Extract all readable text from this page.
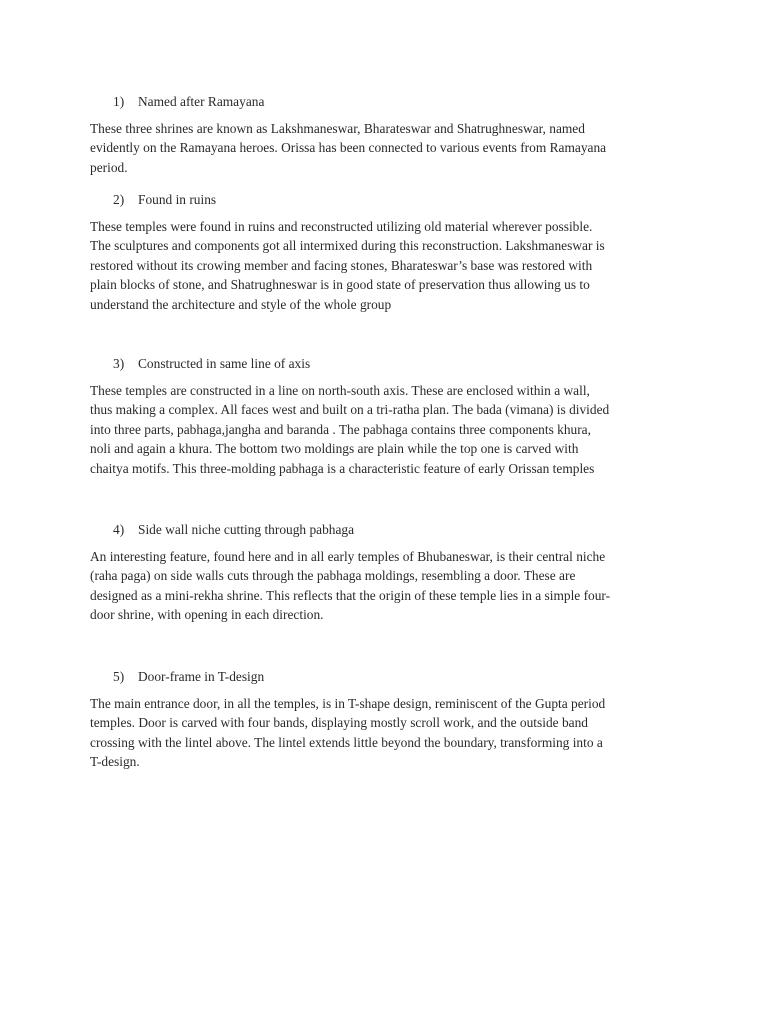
1)	Named after Ramayana

These three shrines are known as Lakshmaneswar, Bharateswar and Shatrughneswar, named
evidently on the Ramayana heroes. Orissa has been connected to various events from Ramayana
period.

2)	Found in ruins

These temples were found in ruins and reconstructed utilizing old material wherever possible.
The sculptures and components got all intermixed during this reconstruction. Lakshmaneswar is
restored without its crowing member and facing stones, Bharateswar’s base was restored with
plain blocks of stone, and Shatrughneswar is in good state of preservation thus allowing us to
understand the architecture and style of the whole group

3)	Constructed in same line of axis

These temples are constructed in a line on north-south axis. These are enclosed within a wall,
thus making a complex. All faces west and built on a tri-ratha plan. The bada (vimana) is divided
into three parts, pabhaga,jangha and baranda . The pabhaga contains three components khura,
noli and again a khura. The bottom two moldings are plain while the top one is carved with
chaitya motifs. This three-molding pabhaga is a characteristic feature of early Orissan temples

4)	Side wall niche cutting through pabhaga

An interesting feature, found here and in all early temples of Bhubaneswar, is their central niche
(raha paga) on side walls cuts through the pabhaga moldings, resembling a door. These are
designed as a mini-rekha shrine. This reflects that the origin of these temple lies in a simple four-
door shrine, with opening in each direction.

5)	Door-frame in T-design

The main entrance door, in all the temples, is in T-shape design, reminiscent of the Gupta period
temples. Door is carved with four bands, displaying mostly scroll work, and the outside band
crossing with the lintel above. The lintel extends little beyond the boundary, transforming into a
T-design.
